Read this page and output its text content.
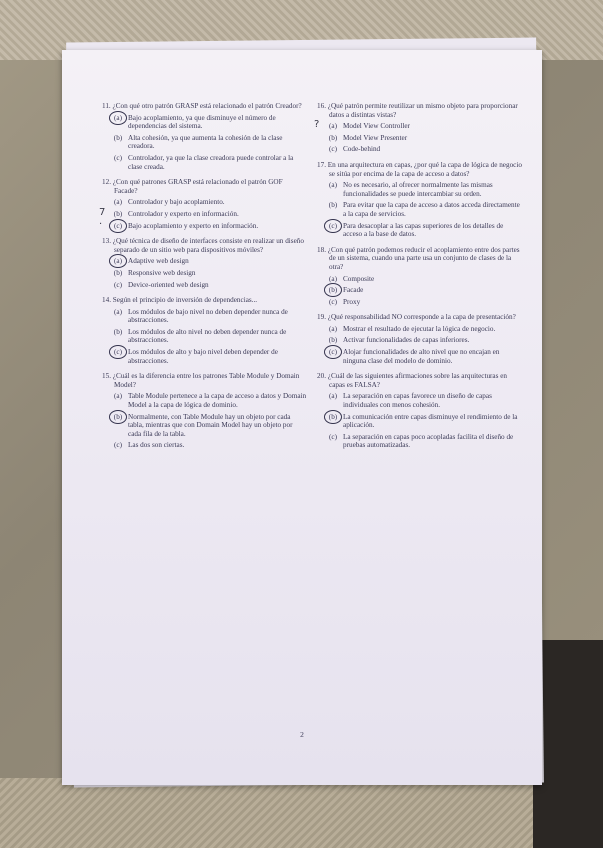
11. ¿Con qué otro patrón GRASP está relacionado el patrón Creador?
(a) Bajo acoplamiento, ya que disminuye el número de dependencias del sistema.
(b) Alta cohesión, ya que aumenta la cohesión de la clase creadora.
(c) Controlador, ya que la clase creadora puede controlar a la clase creada.
12. ¿Con qué patrones GRASP está relacionado el patrón GOF Facade?
(a) Controlador y bajo acoplamiento.
7	(b) Controlador y experto en información.
·	(c) Bajo acoplamiento y experto en información.
13. ¿Qué técnica de diseño de interfaces consiste en realizar un diseño separado de un sitio web para dispositivos móviles?
(a) Adaptive web design
(b) Responsive web design
(c) Device-oriented web design
14. Según el principio de inversión de dependencias...
(a) Los módulos de bajo nivel no deben depender nunca de abstracciones.
(b) Los módulos de alto nivel no deben depender nunca de abstracciones.
(c) Los módulos de alto y bajo nivel deben depender de abstracciones.
15. ¿Cuál es la diferencia entre los patrones Table Module y Domain Model?
(a) Table Module pertenece a la capa de acceso a datos y Domain Model a la capa de lógica de dominio.
(b) Normalmente, con Table Module hay un objeto por cada tabla, mientras que con Domain Model hay un objeto por cada fila de la tabla.
(c) Las dos son ciertas.
16. ¿Qué patrón permite reutilizar un mismo objeto para proporcionar datos a distintas vistas?
?	(a) Model View Controller
(b) Model View Presenter
(c) Code-behind
17. En una arquitectura en capas, ¿por qué la capa de lógica de negocio se sitúa por encima de la capa de acceso a datos?
(a) No es necesario, al ofrecer normalmente las mismas funcionalidades se puede intercambiar su orden.
(b) Para evitar que la capa de acceso a datos acceda directamente a la capa de servicios.
(c) Para desacoplar a las capas superiores de los detalles de acceso a la base de datos.
18. ¿Con qué patrón podemos reducir el acoplamiento entre dos partes de un sistema, cuando una parte usa un conjunto de clases de la otra?
(a) Composite
(b) Facade
(c) Proxy
19. ¿Qué responsabilidad NO corresponde a la capa de presentación?
(a) Mostrar el resultado de ejecutar la lógica de negocio.
(b) Activar funcionalidades de capas inferiores.
(c) Alojar funcionalidades de alto nivel que no encajan en ninguna clase del modelo de dominio.
20. ¿Cuál de las siguientes afirmaciones sobre las arquitecturas en capas es FALSA?
(a) La separación en capas favorece un diseño de capas individuales con menos cohesión.
(b) La comunicación entre capas disminuye el rendimiento de la aplicación.
(c) La separación en capas poco acopladas facilita el diseño de pruebas automatizadas.
2
